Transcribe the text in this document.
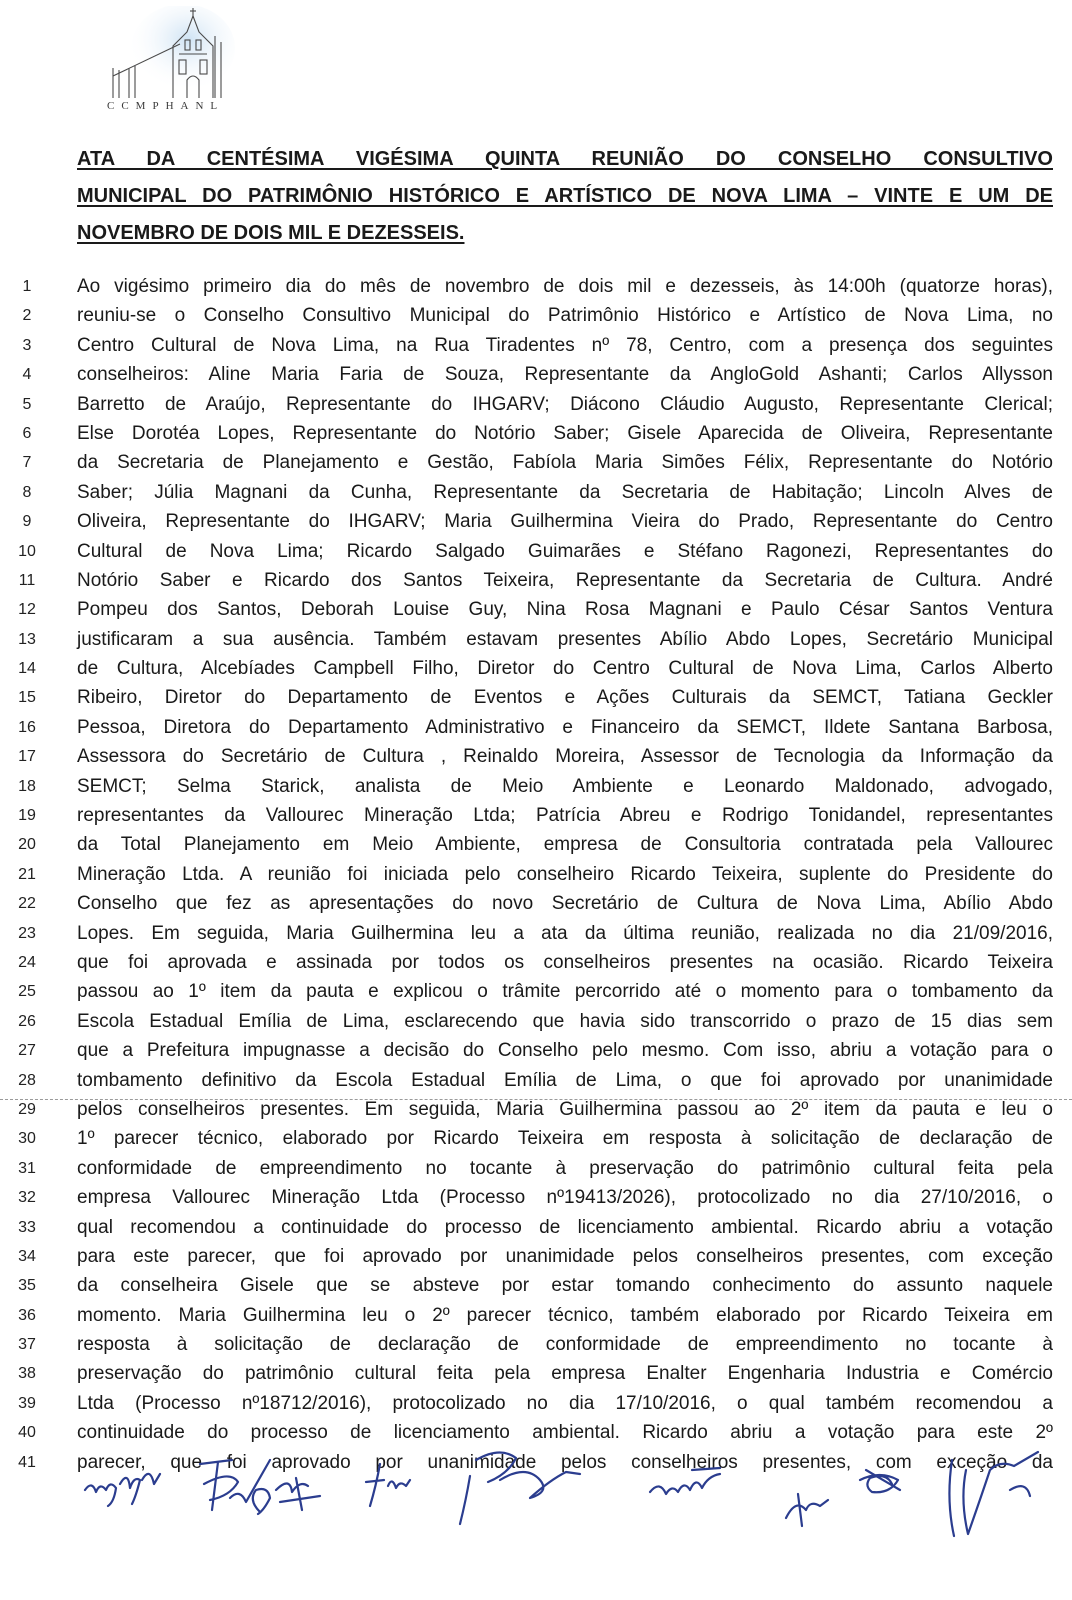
CCMPHANL
ATA DA CENTÉSIMA VIGÉSIMA QUINTA REUNIÃO DO CONSELHO CONSULTIVO
MUNICIPAL DO PATRIMÔNIO HISTÓRICO E ARTÍSTICO DE NOVA LIMA – VINTE E UM DE
NOVEMBRO DE DOIS MIL E DEZESSEIS.
1
2
3
4
5
6
7
8
9
10
11
12
13
14
15
16
17
18
19
20
21
22
23
24
25
26
27
28
29
30
31
32
33
34
35
36
37
38
39
40
41
Ao vigésimo primeiro dia do mês de novembro de dois mil e dezesseis, às 14:00h (quatorze horas),
reuniu-se o Conselho Consultivo Municipal do Patrimônio Histórico e Artístico de Nova Lima, no
Centro Cultural de Nova Lima, na Rua Tiradentes nº 78, Centro, com a presença dos seguintes
conselheiros: Aline Maria Faria de Souza, Representante da AngloGold Ashanti; Carlos Allysson
Barretto de Araújo, Representante do IHGARV; Diácono Cláudio Augusto, Representante Clerical;
Else Dorotéa Lopes, Representante do Notório Saber; Gisele Aparecida de Oliveira, Representante
da Secretaria de Planejamento e Gestão, Fabíola Maria Simões Félix, Representante do Notório
Saber; Júlia Magnani da Cunha, Representante da Secretaria de Habitação; Lincoln Alves de
Oliveira, Representante do IHGARV; Maria Guilhermina Vieira do Prado, Representante do Centro
Cultural de Nova Lima; Ricardo Salgado Guimarães e Stéfano Ragonezi, Representantes do
Notório Saber e Ricardo dos Santos Teixeira, Representante da Secretaria de Cultura. André
Pompeu dos Santos, Deborah Louise Guy, Nina Rosa Magnani e Paulo César Santos Ventura
justificaram a sua ausência. Também estavam presentes Abílio Abdo Lopes, Secretário Municipal
de Cultura, Alcebíades Campbell Filho, Diretor do Centro Cultural de Nova Lima, Carlos Alberto
Ribeiro, Diretor do Departamento de Eventos e Ações Culturais da SEMCT, Tatiana Geckler
Pessoa, Diretora do Departamento Administrativo e Financeiro da SEMCT, Ildete Santana Barbosa,
Assessora do Secretário de Cultura , Reinaldo Moreira, Assessor de Tecnologia da Informação da
SEMCT; Selma Starick, analista de Meio Ambiente e Leonardo Maldonado, advogado,
representantes da Vallourec Mineração Ltda; Patrícia Abreu e Rodrigo Tonidandel, representantes
da Total Planejamento em Meio Ambiente, empresa de Consultoria contratada pela Vallourec
Mineração Ltda. A reunião foi iniciada pelo conselheiro Ricardo Teixeira, suplente do Presidente do
Conselho que fez as apresentações do novo Secretário de Cultura de Nova Lima, Abílio Abdo
Lopes. Em seguida, Maria Guilhermina leu a ata da última reunião, realizada no dia 21/09/2016,
que foi aprovada e assinada por todos os conselheiros presentes na ocasião. Ricardo Teixeira
passou ao 1º item da pauta e explicou o trâmite percorrido até o momento para o tombamento da
Escola Estadual Emília de Lima, esclarecendo que havia sido transcorrido o prazo de 15 dias sem
que a Prefeitura impugnasse a decisão do Conselho pelo mesmo. Com isso, abriu a votação para o
tombamento definitivo da Escola Estadual Emília de Lima, o que foi aprovado por unanimidade
pelos conselheiros presentes. Em seguida, Maria Guilhermina passou ao 2º item da pauta e leu o
1º parecer técnico, elaborado por Ricardo Teixeira em resposta à solicitação de declaração de
conformidade de empreendimento no tocante à preservação do patrimônio cultural feita pela
empresa Vallourec Mineração Ltda (Processo nº19413/2026), protocolizado no dia 27/10/2016, o
qual recomendou a continuidade do processo de licenciamento ambiental. Ricardo abriu a votação
para este parecer, que foi aprovado por unanimidade pelos conselheiros presentes, com exceção
da conselheira Gisele que se absteve por estar tomando conhecimento do assunto naquele
momento. Maria Guilhermina leu o 2º parecer técnico, também elaborado por Ricardo Teixeira em
resposta à solicitação de declaração de conformidade de empreendimento no tocante à
preservação do patrimônio cultural feita pela empresa Enalter Engenharia Industria e Comércio
Ltda (Processo nº18712/2016), protocolizado no dia 17/10/2016, o qual também recomendou a
continuidade do processo de licenciamento ambiental. Ricardo abriu a votação para este 2º
parecer, que foi aprovado por unanimidade pelos conselheiros presentes, com exceção da
